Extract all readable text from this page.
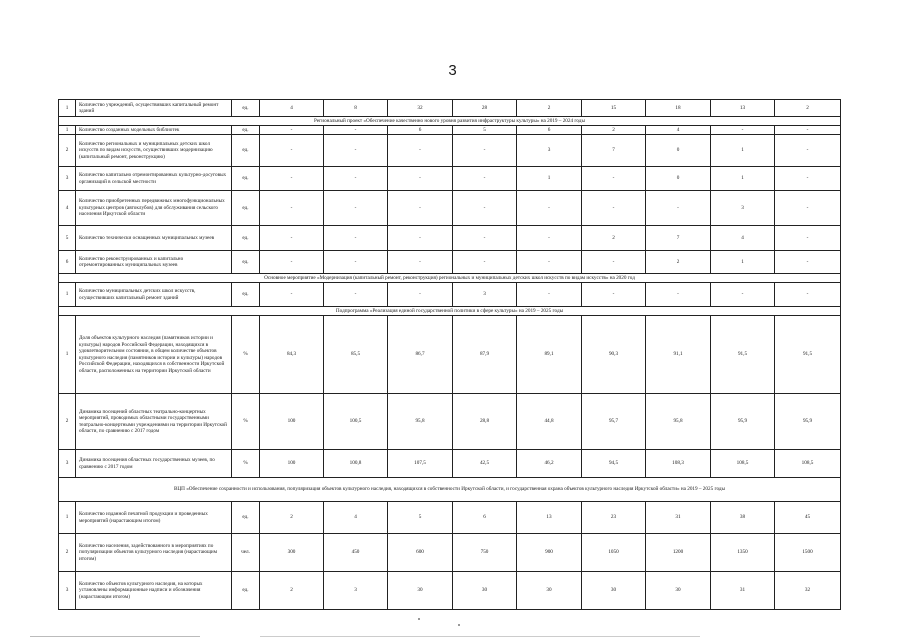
3
1	Количество учреждений, осуществивших капитальный ремонт зданий	ед.	4	8	32	28	2	15	18	13	2
Региональный проект «Обеспечение качественно нового уровня развития инфраструктуры культуры» на 2019 – 2024 годы											
1	Количество созданных модельных библиотек	ед.	-	-	6	5	6	2	4	-	-
2	Количество региональных и муниципальных детских школ искусств по видам искусств, осуществивших модернизацию (капитальный ремонт, реконструкцию)	ед.	-	-	-	-	3	7	0	1	-
3	Количество капитально отремонтированных культурно-досуговых организаций в сельской местности	ед.	-	-	-	-	1	-	0	1	-
4	Количество приобретенных передвижных многофункциональных культурных центров (автоклубов) для обслуживания сельского населения Иркутской области	ед.	-	-	-	-	-	-	-	3	-
5	Количество технически оснащенных муниципальных музеев	ед.	-	-	-	-	-	2	7	4	-
6	Количество реконструированных и капитально отремонтированных муниципальных музеев	ед.	-	-	-	-	-	-	2	1	-
Основное мероприятие «Модернизация (капитальный ремонт, реконструкция) региональных и муниципальных детских школ искусств по видам искусств» на 2020 год											
1	Количество муниципальных детских школ искусств, осуществивших капитальный ремонт зданий	ед.	-	-	-	3	-	-	-	-	-
Подпрограмма «Реализация единой государственной политики в сфере культуры» на 2019 – 2025 годы											
1	Доля объектов культурного наследия (памятников истории и культуры) народов Российской Федерации, находящихся в удовлетворительном состоянии, в общем количестве объектов культурного наследия (памятников истории и культуры) народов Российской Федерации, находящихся в собственности Иркутской области, расположенных на территории Иркутской области	%	84,3	85,5	86,7	87,9	89,1	90,3	91,1	91,5	91,5
2	Динамика посещений областных театрально-концертных мероприятий, проводимых областными государственными театрально-концертными учреждениями на территории Иркутской области, по сравнению с 2017 годом	%	100	100,5	95,8	28,8	44,8	95,7	95,8	95,9	95,9
3	Динамика посещения областных государственных музеев, по сравнению с 2017 годом	%	100	100,8	107,5	42,5	46,2	94,5	108,3	108,5	108,5
ВЦП «Обеспечение сохранности и использования, популяризация объектов культурного наследия, находящихся в собственности Иркутской области, и государственная охрана объектов культурного наследия Иркутской области» на 2019 – 2025 годы											
1	Количество изданной печатной продукции и проведенных мероприятий (нарастающим итогом)	ед.	2	4	5	6	13	23	31	38	45
2	Количество населения, задействованного в мероприятиях по популяризации объектов культурного наследия (нарастающим итогом)	чел.	300	450	600	750	900	1050	1200	1350	1500
3	Количество объектов культурного наследия, на которых установлены информационные надписи и обозначения (нарастающим итогом)	ед.	2	3	30	30	30	30	30	31	32
